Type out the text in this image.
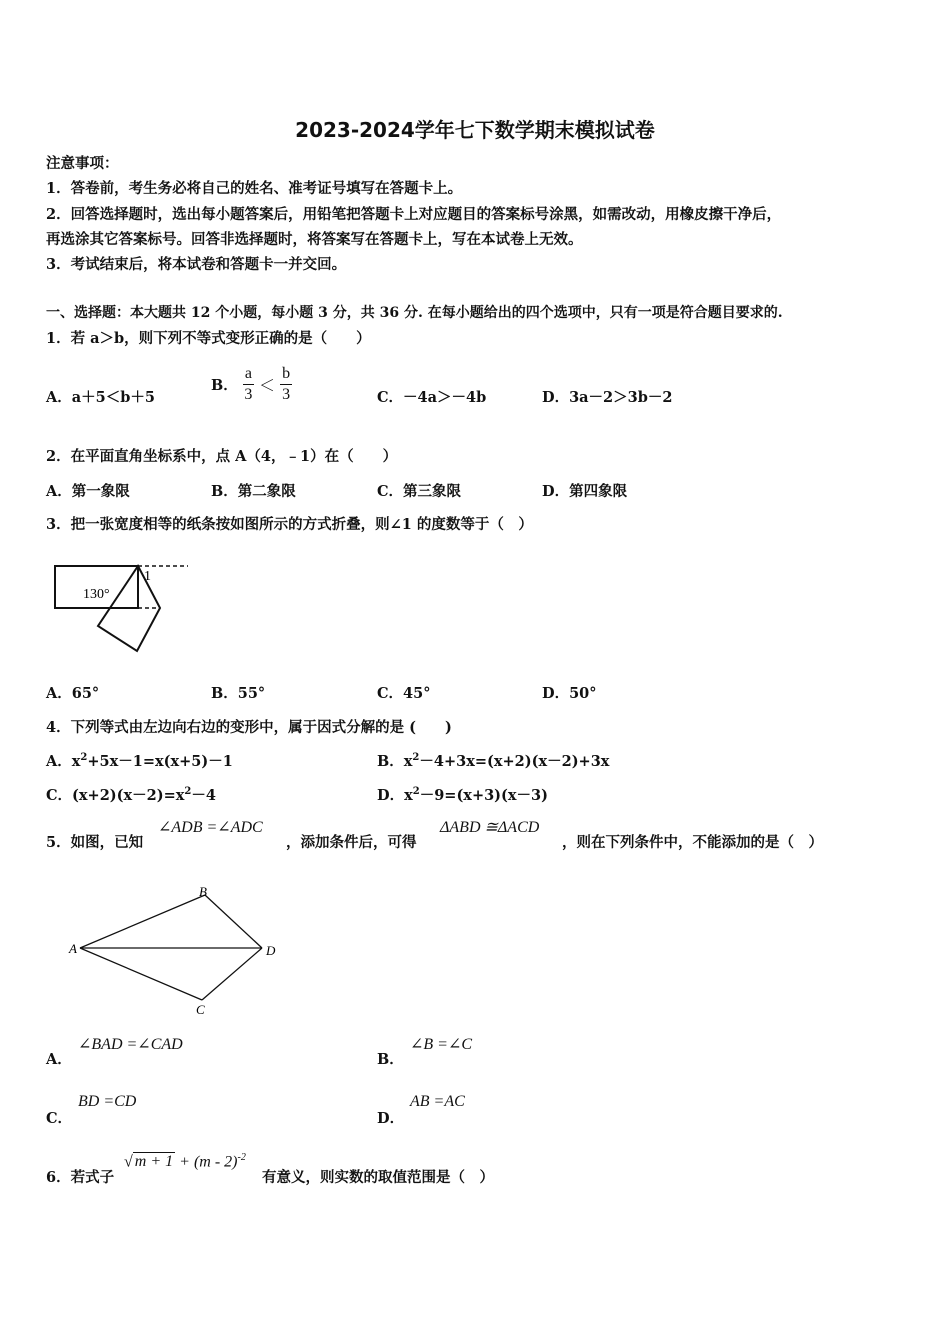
2023-2024学年七下数学期末模拟试卷
注意事项：
1．答卷前，考生务必将自己的姓名、准考证号填写在答题卡上。
2．回答选择题时，选出每小题答案后，用铅笔把答题卡上对应题目的答案标号涂黑，如需改动，用橡皮擦干净后，
再选涂其它答案标号。回答非选择题时，将答案写在答题卡上，写在本试卷上无效。
3．考试结束后，将本试卷和答题卡一并交回。
一、选择题：本大题共 12 个小题，每小题 3 分，共 36 分. 在每小题给出的四个选项中，只有一项是符合题目要求的.
1．若 a＞b，则下列不等式变形正确的是（　　）
A．a＋5＜b＋5
B． $\frac{a}{3} < \frac{b}{3}$	C．－4a＞－4b	D．3a－2＞3b－2
2．在平面直角坐标系中，点 A（4，﹣1）在（　　）
A．第一象限	B．第二象限	C．第三象限	D．第四象限
3．把一张宽度相等的纸条按如图所示的方式折叠，则∠1 的度数等于（　）
130°
1
A．65°	B．55°	C．45°	D．50°
4．下列等式由左边向右边的变形中，属于因式分解的是 (　　)
A．$x^2+5x-1=x(x+5)-1$	B．$x^2-4+3x=(x+2)(x-2)+3x$
C．$(x+2)(x-2)=x^2-4$	D．$x^2-9=(x+3)(x-3)$
5．如图，已知
∠ADB =∠ADC
，添加条件后，可得
ΔABD ≅ΔACD
，则在下列条件中，不能添加的是（　）
A
B
C
D
A．
∠BAD =∠CAD
B．
∠B =∠C
C．
BD =CD
D．
AB =AC
6．若式子
√ m + 1 + (m - 2)$^{-2}$
有意义，则实数的取值范围是（　）
